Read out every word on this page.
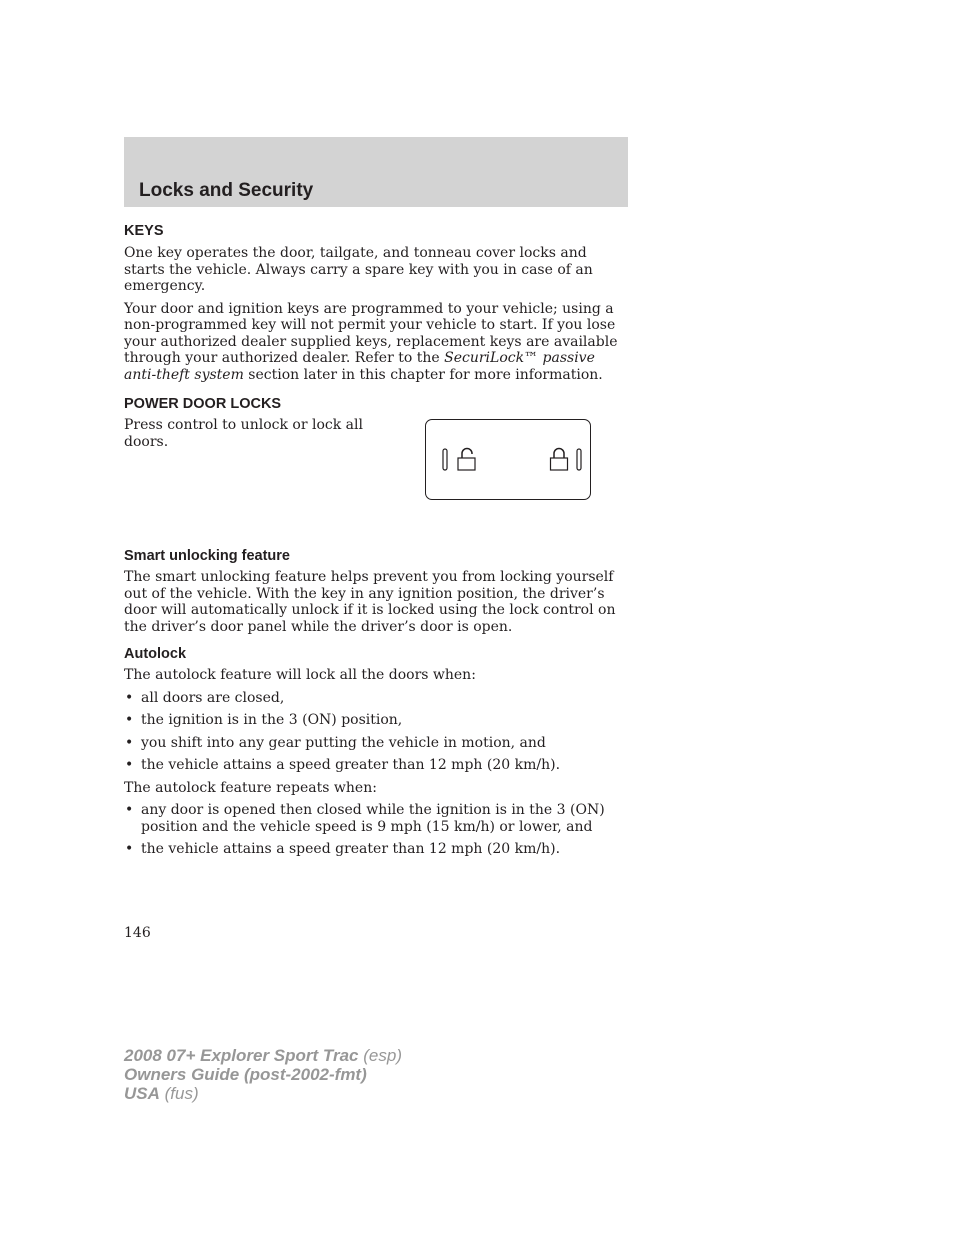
Locks and Security
KEYS

One key operates the door, tailgate, and tonneau cover locks and starts the vehicle. Always carry a spare key with you in case of an emergency.

Your door and ignition keys are programmed to your vehicle; using a non-programmed key will not permit your vehicle to start. If you lose your authorized dealer supplied keys, replacement keys are available through your authorized dealer. Refer to the SecuriLock™ passive anti-theft system section later in this chapter for more information.

POWER DOOR LOCKS

Press control to unlock or lock all doors.

Smart unlocking feature

The smart unlocking feature helps prevent you from locking yourself out of the vehicle. With the key in any ignition position, the driver’s door will automatically unlock if it is locked using the lock control on the driver’s door panel while the driver’s door is open.

Autolock

The autolock feature will lock all the doors when:

• all doors are closed,
• the ignition is in the 3 (ON) position,
• you shift into any gear putting the vehicle in motion, and
• the vehicle attains a speed greater than 12 mph (20 km/h).

The autolock feature repeats when:

• any door is opened then closed while the ignition is in the 3 (ON) position and the vehicle speed is 9 mph (15 km/h) or lower, and
• the vehicle attains a speed greater than 12 mph (20 km/h).
146
2008 07+ Explorer Sport Trac (esp)
Owners Guide (post-2002-fmt)
USA (fus)
